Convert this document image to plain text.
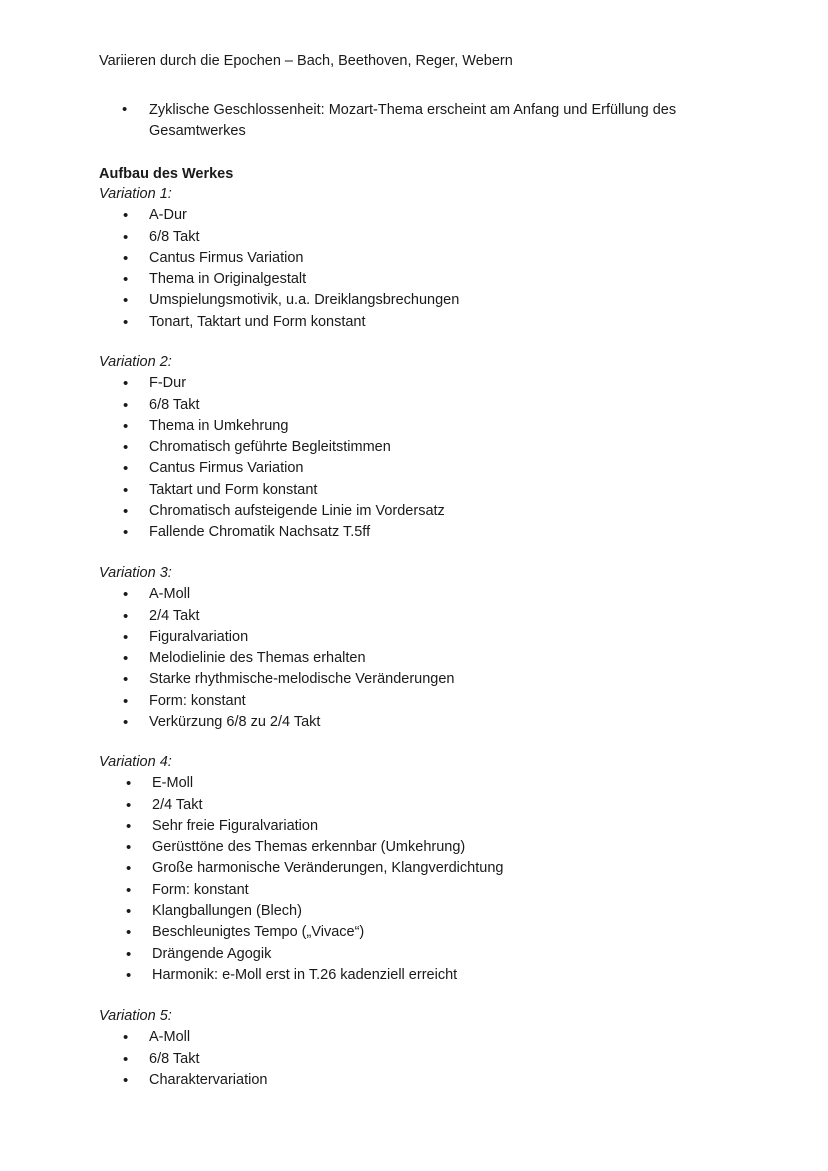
Variieren durch die Epochen – Bach, Beethoven, Reger, Webern

• Zyklische Geschlossenheit: Mozart-Thema erscheint am Anfang und Erfüllung des Gesamtwerkes

Aufbau des Werkes

Variation 1:

• A-Dur
• 6/8 Takt
• Cantus Firmus Variation
• Thema in Originalgestalt
• Umspielungsmotivik, u.a. Dreiklangsbrechungen
• Tonart, Taktart und Form konstant

Variation 2:

• F-Dur
• 6/8 Takt
• Thema in Umkehrung
• Chromatisch geführte Begleitstimmen
• Cantus Firmus Variation
• Taktart und Form konstant
• Chromatisch aufsteigende Linie im Vordersatz
• Fallende Chromatik Nachsatz T.5ff

Variation 3:

• A-Moll
• 2/4 Takt
• Figuralvariation
• Melodielinie des Themas erhalten
• Starke rhythmische-melodische Veränderungen
• Form: konstant
• Verkürzung 6/8 zu 2/4 Takt

Variation 4:

• E-Moll
• 2/4 Takt
• Sehr freie Figuralvariation
• Gerüsttöne des Themas erkennbar (Umkehrung)
• Große harmonische Veränderungen, Klangverdichtung
• Form: konstant
• Klangballungen (Blech)
• Beschleunigtes Tempo („Vivace“)
• Drängende Agogik
• Harmonik: e-Moll erst in T.26 kadenziell erreicht

Variation 5:

• A-Moll
• 6/8 Takt
• Charaktervariation
